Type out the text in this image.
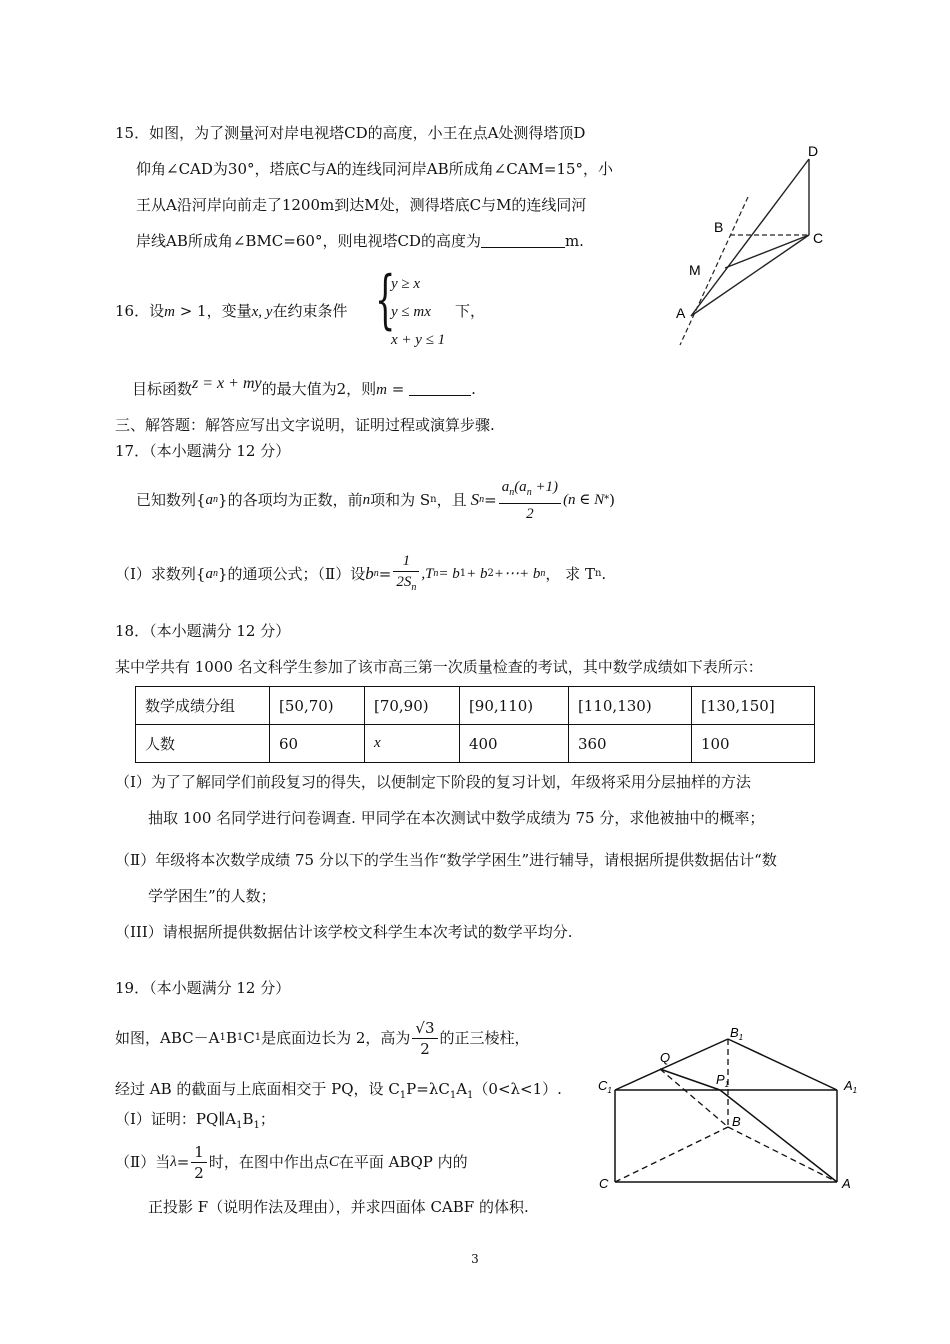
15．如图，为了测量河对岸电视塔CD的高度，小王在点A处测得塔顶D
仰角∠CAD为30°，塔底C与A的连线同河岸AB所成角∠CAM=15°，小
王从A沿河岸向前走了1200m到达M处，测得塔底C与M的连线同河
岸线AB所成角∠BMC=60°，则电视塔CD的高度为	m.
D
B
C
M
A
16．设m > 1，变量x, y在约束条件 {
y ≥ x
y ≤ mx
x + y ≤ 1
下，
目标函数z = x + my的最大值为2，则m =	.
三、解答题：解答应写出文字说明，证明过程或演算步骤.
17．（本小题满分 12 分）
已知数列{ a n }的各项均为正数，前 n 项和为 S n ，且 S $n = \frac{a_n(a_n +1)}{2} (n$ ∈ N * )
（Ⅰ）求数列{ a n }的通项公式；（Ⅱ）设 b $n = \frac{1}{2S_n} ,T$ n = b 1 + b 2 +⋯+ b n ， 求 T n .
18．（本小题满分 12 分）
某中学共有 1000 名文科学生参加了该市高三第一次质量检查的考试，其中数学成绩如下表所示：
数学成绩分组	[50,70)	[70,90)	[90,110)	[110,130)	[130,150]
人数	60	x	400	360	100
（Ⅰ）为了了解同学们前段复习的得失，以便制定下阶段的复习计划，年级将采用分层抽样的方法
抽取 100 名同学进行问卷调查. 甲同学在本次测试中数学成绩为 75 分，求他被抽中的概率；
（Ⅱ）年级将本次数学成绩 75 分以下的学生当作“数学学困生”进行辅导，请根据所提供数据估计“数
学学困生”的人数；
（III）请根据所提供数据估计该学校文科学生本次考试的数学平均分.
19．（本小题满分 12 分）
如图，ABC－A 1 B 1 C 1 是底面边长为 2，高为 $\frac{√3}{2}$ 的正三棱柱，
经过 AB 的截面与上底面相交于 PQ，设 $C_1P=\lambda C_1A_1(0<\lambda<1)$.
（Ⅰ）证明：$PQ\parallel A_1B_1$；
（Ⅱ）当 $\lambda = \frac{1}{2}$ 时，在图中作出点 C 在平面 ABQP 内的
正投影 F（说明作法及理由），并求四面体 CABF 的体积.
$B_1$
Q
$P_1$
$C_1$	$A_1$
B
C	A
3
